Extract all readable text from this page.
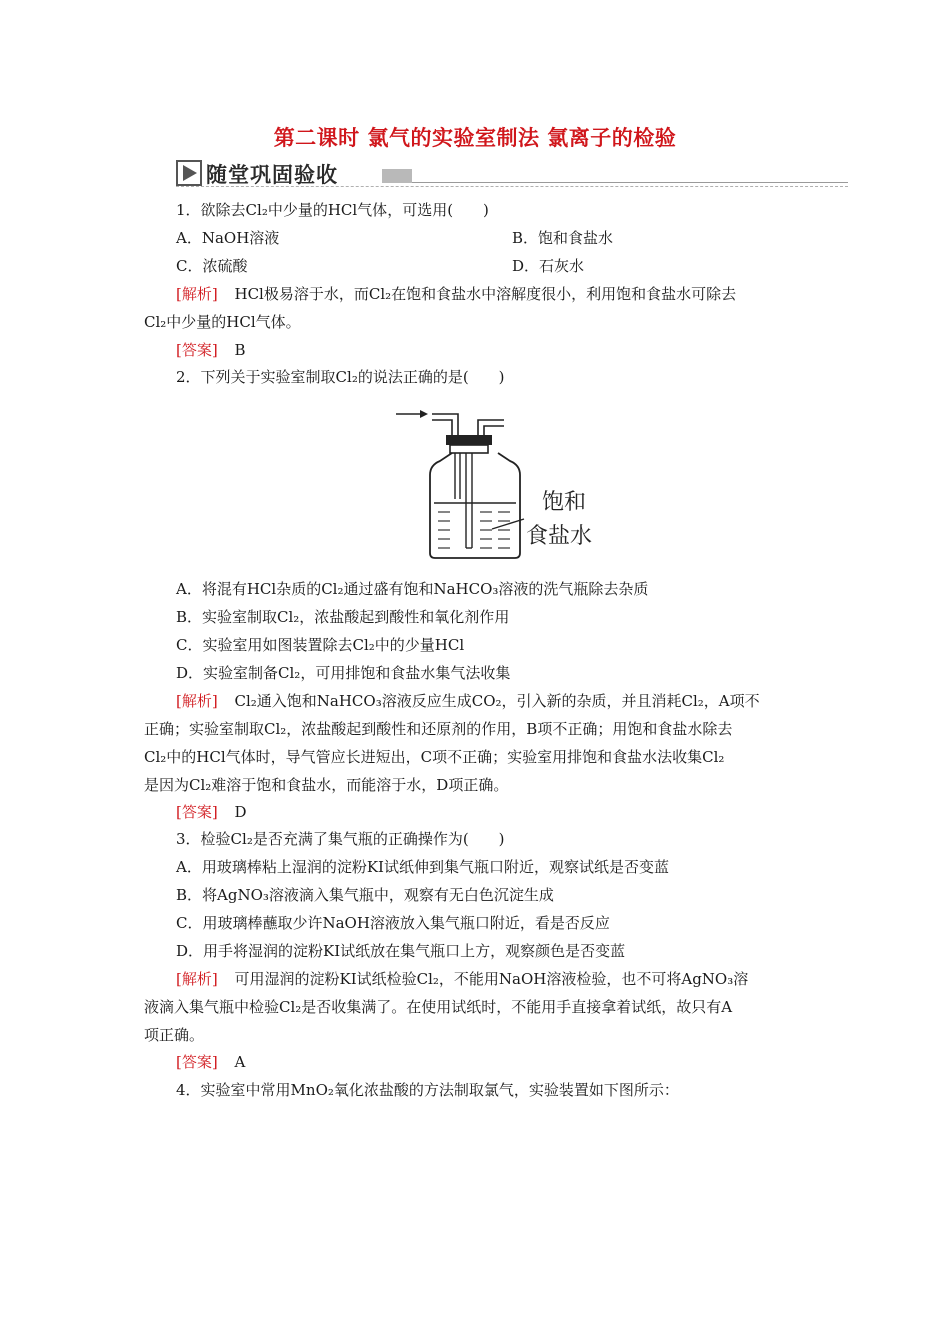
第二课时 氯气的实验室制法 氯离子的检验
随堂巩固验收
1．欲除去Cl₂中少量的HCl气体，可选用(　　)
A．NaOH溶液	B．饱和食盐水
C．浓硫酸	D．石灰水
[解析] HCl极易溶于水，而Cl₂在饱和食盐水中溶解度很小，利用饱和食盐水可除去
Cl₂中少量的HCl气体。
[答案] B
2．下列关于实验室制取Cl₂的说法正确的是(　　)
饱和
食盐水
A．将混有HCl杂质的Cl₂通过盛有饱和NaHCO₃溶液的洗气瓶除去杂质
B．实验室制取Cl₂，浓盐酸起到酸性和氧化剂作用
C．实验室用如图装置除去Cl₂中的少量HCl
D．实验室制备Cl₂，可用排饱和食盐水集气法收集
[解析] Cl₂通入饱和NaHCO₃溶液反应生成CO₂，引入新的杂质，并且消耗Cl₂，A项不
正确；实验室制取Cl₂，浓盐酸起到酸性和还原剂的作用，B项不正确；用饱和食盐水除去
Cl₂中的HCl气体时，导气管应长进短出，C项不正确；实验室用排饱和食盐水法收集Cl₂
是因为Cl₂难溶于饱和食盐水，而能溶于水，D项正确。
[答案] D
3．检验Cl₂是否充满了集气瓶的正确操作为(　　)
A．用玻璃棒粘上湿润的淀粉KI试纸伸到集气瓶口附近，观察试纸是否变蓝
B．将AgNO₃溶液滴入集气瓶中，观察有无白色沉淀生成
C．用玻璃棒蘸取少许NaOH溶液放入集气瓶口附近，看是否反应
D．用手将湿润的淀粉KI试纸放在集气瓶口上方，观察颜色是否变蓝
[解析] 可用湿润的淀粉KI试纸检验Cl₂，不能用NaOH溶液检验，也不可将AgNO₃溶
液滴入集气瓶中检验Cl₂是否收集满了。在使用试纸时，不能用手直接拿着试纸，故只有A
项正确。
[答案] A
4．实验室中常用MnO₂氧化浓盐酸的方法制取氯气，实验装置如下图所示：
